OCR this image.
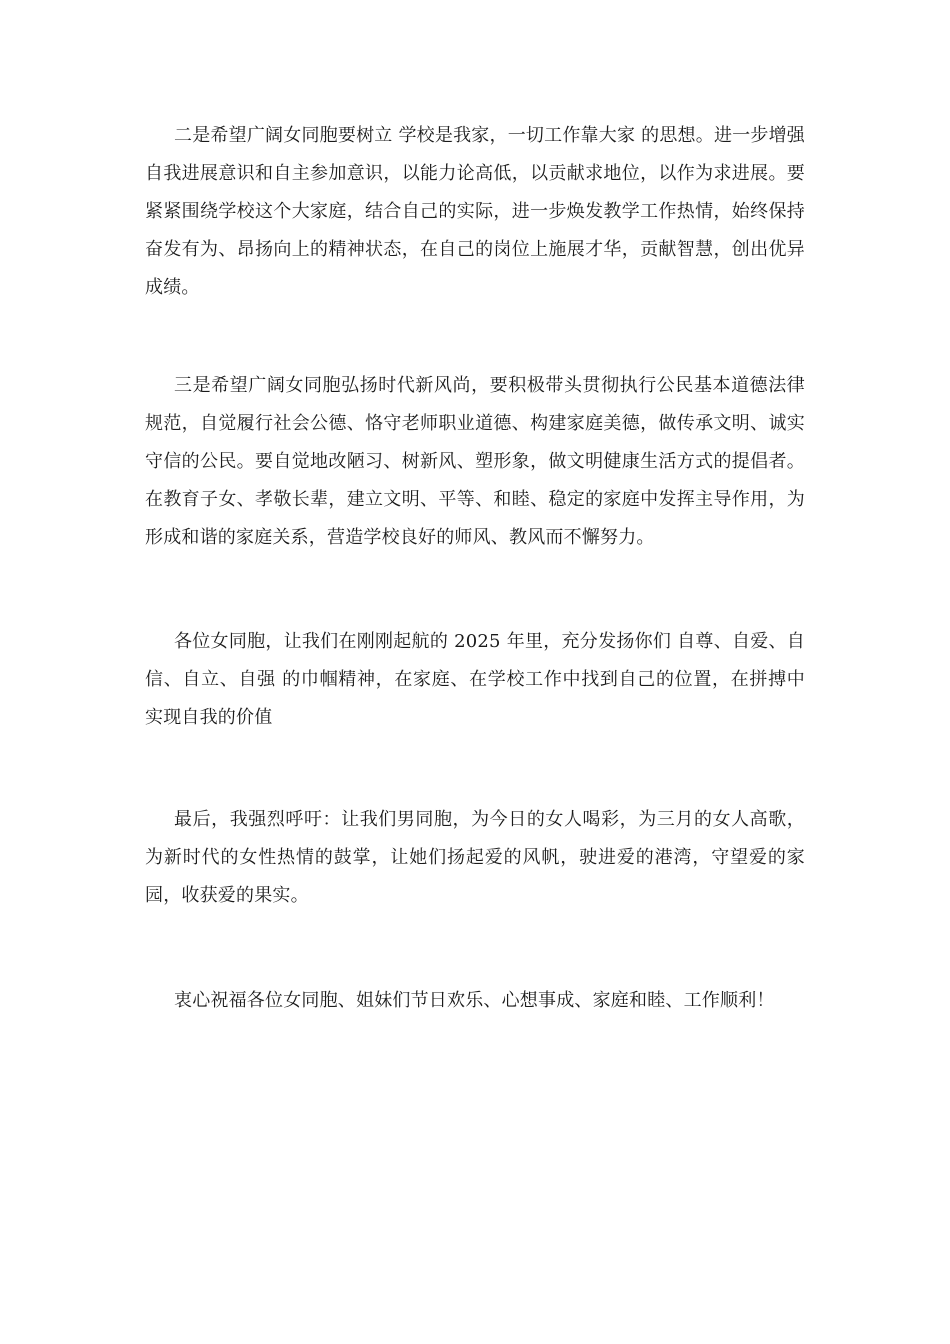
二是希望广阔女同胞要树立 学校是我家，一切工作靠大家 的思想。进一步增强自我进展意识和自主参加意识，以能力论高低，以贡献求地位，以作为求进展。要紧紧围绕学校这个大家庭，结合自己的实际，进一步焕发教学工作热情，始终保持奋发有为、昂扬向上的精神状态，在自己的岗位上施展才华，贡献智慧，创出优异成绩。

三是希望广阔女同胞弘扬时代新风尚，要积极带头贯彻执行公民基本道德法律规范，自觉履行社会公德、恪守老师职业道德、构建家庭美德，做传承文明、诚实守信的公民。要自觉地改陋习、树新风、塑形象，做文明健康生活方式的提倡者。在教育子女、孝敬长辈，建立文明、平等、和睦、稳定的家庭中发挥主导作用，为形成和谐的家庭关系，营造学校良好的师风、教风而不懈努力。

各位女同胞，让我们在刚刚起航的 2025 年里，充分发扬你们 自尊、自爱、自信、自立、自强 的巾帼精神，在家庭、在学校工作中找到自己的位置，在拼搏中实现自我的价值

最后，我强烈呼吁：让我们男同胞，为今日的女人喝彩，为三月的女人高歌，为新时代的女性热情的鼓掌，让她们扬起爱的风帆，驶进爱的港湾，守望爱的家园，收获爱的果实。

衷心祝福各位女同胞、姐妹们节日欢乐、心想事成、家庭和睦、工作顺利！
